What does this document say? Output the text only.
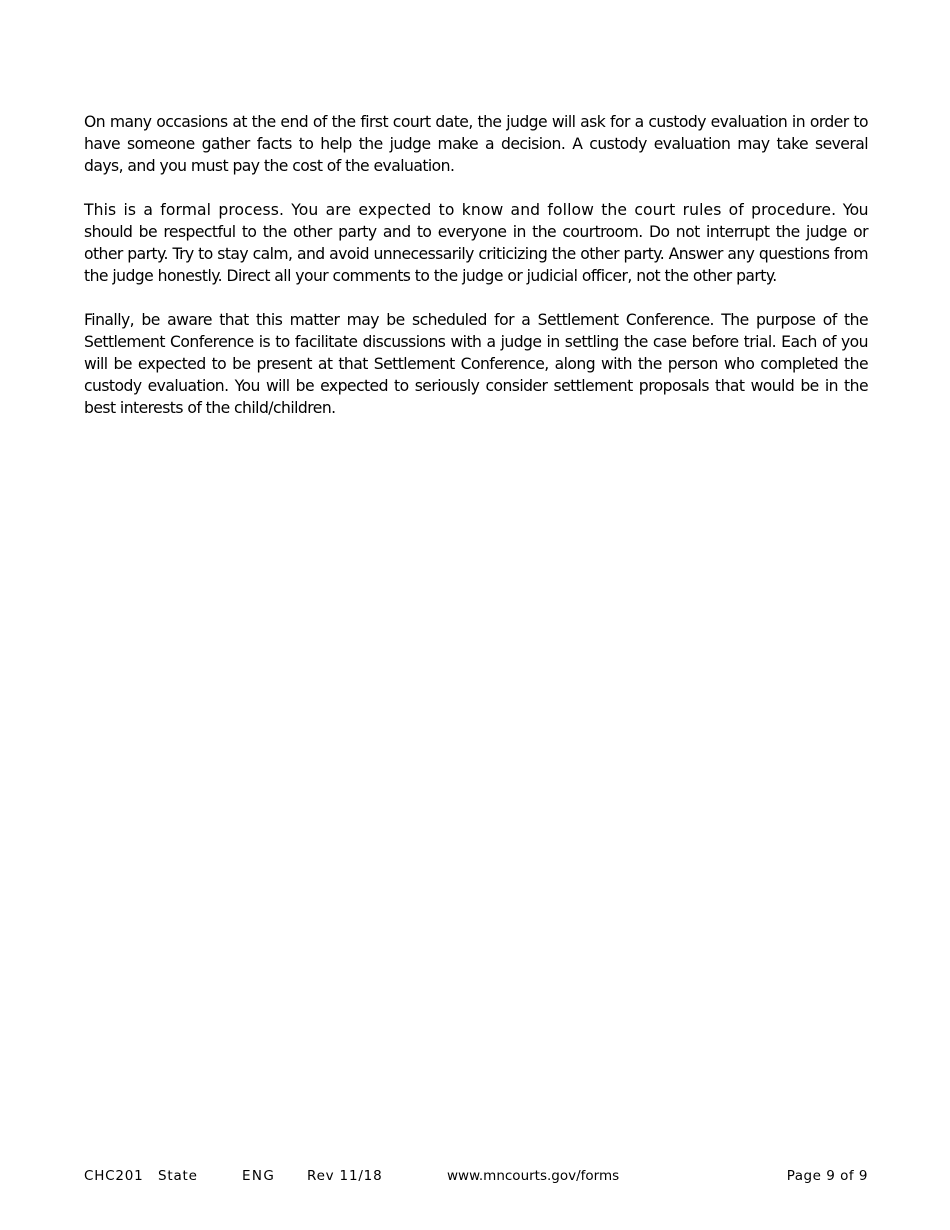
On many occasions at the end of the first court date, the judge will ask for a custody evaluation in order to have someone gather facts to help the judge make a decision. A custody evaluation may take several days, and you must pay the cost of the evaluation.

This is a formal process. You are expected to know and follow the court rules of procedure. You should be respectful to the other party and to everyone in the courtroom. Do not interrupt the judge or other party. Try to stay calm, and avoid unnecessarily criticizing the other party. Answer any questions from the judge honestly. Direct all your comments to the judge or judicial officer, not the other party.

Finally, be aware that this matter may be scheduled for a Settlement Conference. The purpose of the Settlement Conference is to facilitate discussions with a judge in settling the case before trial. Each of you will be expected to be present at that Settlement Conference, along with the person who completed the custody evaluation. You will be expected to seriously consider settlement proposals that would be in the best interests of the child/children.

CHC201 State	ENG Rev 11/18	www.mncourts.gov/forms	Page 9 of 9
